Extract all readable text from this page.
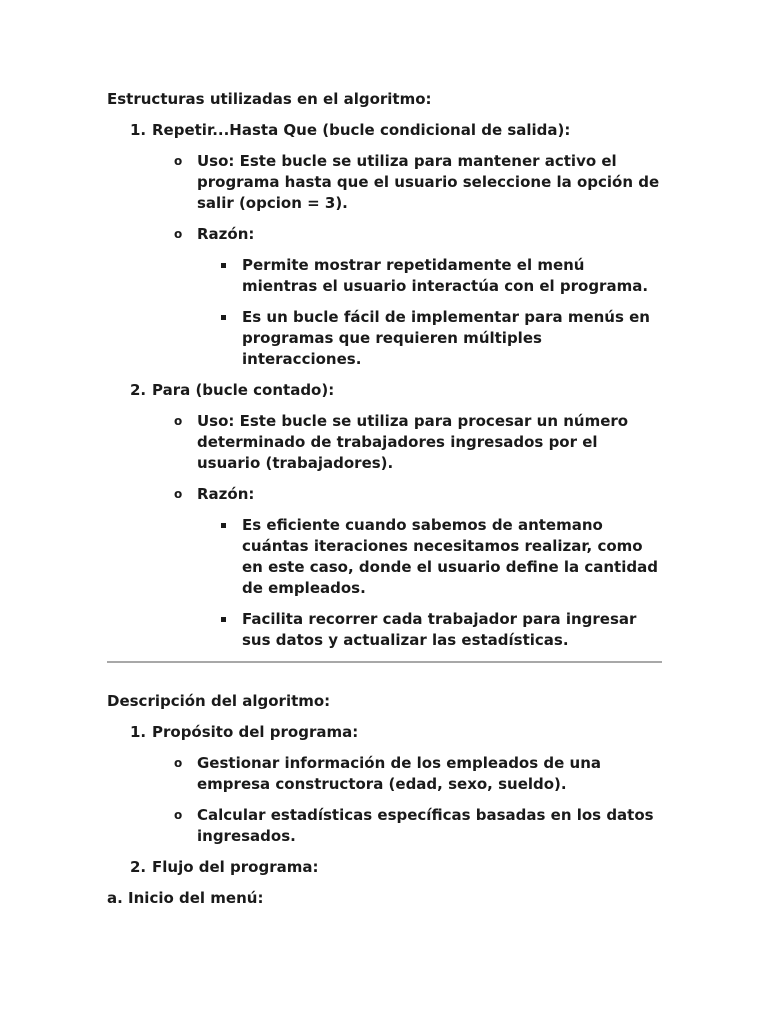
Estructuras utilizadas en el algoritmo:

1. Repetir...Hasta Que (bucle condicional de salida):
o Uso: Este bucle se utiliza para mantener activo el programa hasta que el usuario seleccione la opción de salir (opcion = 3).
o Razón:
Permite mostrar repetidamente el menú mientras el usuario interactúa con el programa.
Es un bucle fácil de implementar para menús en programas que requieren múltiples interacciones.
2. Para (bucle contado):
o Uso: Este bucle se utiliza para procesar un número determinado de trabajadores ingresados por el usuario (trabajadores).
o Razón:
Es eficiente cuando sabemos de antemano cuántas iteraciones necesitamos realizar, como en este caso, donde el usuario define la cantidad de empleados.
Facilita recorrer cada trabajador para ingresar sus datos y actualizar las estadísticas.

Descripción del algoritmo:

1. Propósito del programa:
o Gestionar información de los empleados de una empresa constructora (edad, sexo, sueldo).
o Calcular estadísticas específicas basadas en los datos ingresados.
2. Flujo del programa:

a. Inicio del menú:
